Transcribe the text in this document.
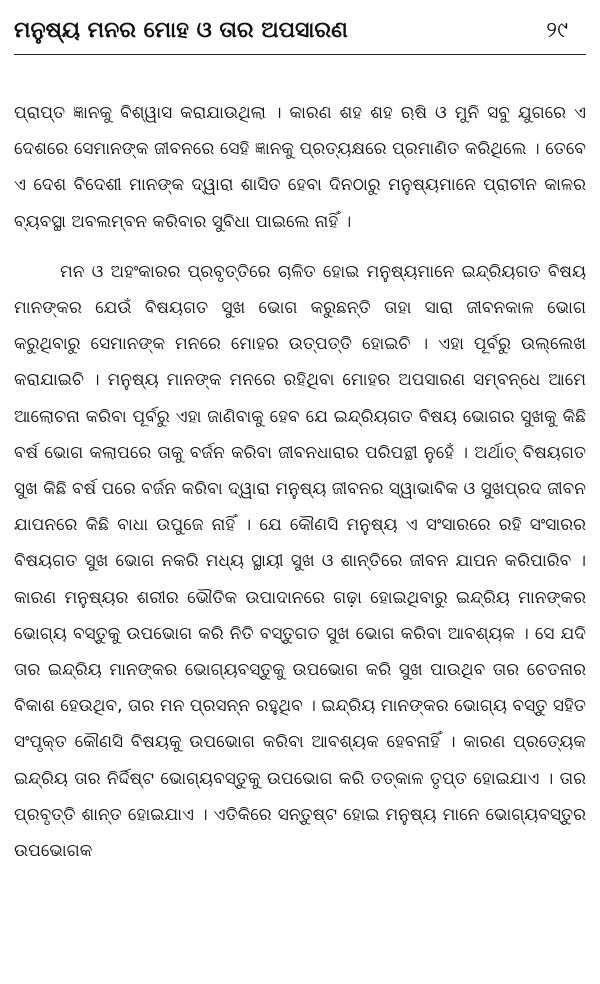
ମନୁଷ୍ୟ ମନର ମୋହ ଓ ତାର ଅପସାରଣ	୨୯

ପ୍ରାପ୍ତ ଜ୍ଞାନକୁ ବିଶ୍ୱାସ କରାଯାଉଥିଲା । କାରଣ ଶହ ଶହ ଋଷି ଓ ମୁନି ସବୁ ଯୁଗରେ ଏ ଦେଶରେ ସେମାନଙ୍କ ଜୀବନରେ ସେହି ଜ୍ଞାନକୁ ପ୍ରତ୍ୟକ୍ଷରେ ପ୍ରମାଣିତ କରିଥିଲେ । ତେବେ ଏ ଦେଶ ବିଦେଶୀ ମାନଙ୍କ ଦ୍ୱାରା ଶାସିତ ହେବା ଦିନଠାରୁ ମନୁଷ୍ୟମାନେ ପ୍ରାଚୀନ କାଳର ବ୍ୟବସ୍ଥା ଅବଲମ୍ବନ କରିବାର ସୁବିଧା ପାଇଲେ ନାହିଁ ।

ମନ ଓ ଅହଂକାରର ପ୍ରବୃତ୍ତିରେ ଚାଳିତ ହୋଇ ମନୁଷ୍ୟମାନେ ଇନ୍ଦ୍ରିୟଗତ ବିଷୟ ମାନଙ୍କର ଯେଉଁ ବିଷୟଗତ ସୁଖ ଭୋଗ କରୁଛନ୍ତି ତାହା ସାରା ଜୀବନକାଳ ଭୋଗ କରୁଥିବାରୁ ସେମାନଙ୍କ ମନରେ ମୋହର ଉତ୍ପତ୍ତି ହୋଇଚି । ଏହା ପୂର୍ବରୁ ଉଲ୍ଲେଖ କରାଯାଇଚି । ମନୁଷ୍ୟ ମାନଙ୍କ ମନରେ ରହିଥିବା ମୋହର ଅପସାରଣ ସମ୍ବନ୍ଧେ ଆମେ ଆଲୋଚନା କରିବା ପୂର୍ବରୁ ଏହା ଜାଣିବାକୁ ହେବ ଯେ ଇନ୍ଦ୍ରିୟଗତ ବିଷୟ ଭୋଗର ସୁଖକୁ କିଛି ବର୍ଷ ଭୋଗ କଲାପରେ ତାକୁ ବର୍ଜନ କରିବା ଜୀବନଧାରାର ପରିପନ୍ଥୀ ନୁହେଁ । ଅର୍ଥାତ୍ ବିଷୟଗତ ସୁଖ କିଛି ବର୍ଷ ପରେ ବର୍ଜନ କରିବା ଦ୍ୱାରା ମନୁଷ୍ୟ ଜୀବନର ସ୍ୱାଭାବିକ ଓ ସୁଖପ୍ରଦ ଜୀବନ ଯାପନରେ କିଛି ବାଧା ଉପୁଜେ ନାହିଁ । ଯେ କୌଣସି ମନୁଷ୍ୟ ଏ ସଂସାରରେ ରହି ସଂସାରର ବିଷୟଗତ ସୁଖ ଭୋଗ ନକରି ମଧ୍ୟ ସ୍ଥାୟୀ ସୁଖ ଓ ଶାନ୍ତିରେ ଜୀବନ ଯାପନ କରିପାରିବ । କାରଣ ମନୁଷ୍ୟର ଶରୀର ଭୌତିକ ଉପାଦାନରେ ଗଢ଼ା ହୋଇଥିବାରୁ ଇନ୍ଦ୍ରିୟ ମାନଙ୍କର ଭୋଗ୍ୟ ବସ୍ତୁକୁ ଉପଭୋଗ କରି ନିତି ବସ୍ତୁଗତ ସୁଖ ଭୋଗ କରିବା ଆବଶ୍ୟକ । ସେ ଯଦି ତାର ଇନ୍ଦ୍ରିୟ ମାନଙ୍କର ଭୋଗ୍ୟବସ୍ତୁକୁ ଉପଭୋଗ କରି ସୁଖ ପାଉଥିବ ତାର ଚେତନାର ବିକାଶ ହେଉଥିବ, ତାର ମନ ପ୍ରସନ୍ନ ରହୁଥିବ । ଇନ୍ଦ୍ରିୟ ମାନଙ୍କର ଭୋଗ୍ୟ ବସ୍ତୁ ସହିତ ସଂପୃକ୍ତ କୌଣସି ବିଷୟକୁ ଉପଭୋଗ କରିବା ଆବଶ୍ୟକ ହେବନାହିଁ । କାରଣ ପ୍ରତ୍ୟେକ ଇନ୍ଦ୍ରିୟ ତାର ନିର୍ଦ୍ଦିଷ୍ଟ ଭୋଗ୍ୟବସ୍ତୁକୁ ଉପଭୋଗ କରି ତତ୍କାଳ ତୃପ୍ତ ହୋଇଯାଏ । ତାର ପ୍ରବୃତ୍ତି ଶାନ୍ତ ହୋଇଯାଏ । ଏତିକିରେ ସନ୍ତୁଷ୍ଟ ହୋଇ ମନୁଷ୍ୟ ମାନେ ଭୋଗ୍ୟବସ୍ତୁର ଉପଭୋଗକ
